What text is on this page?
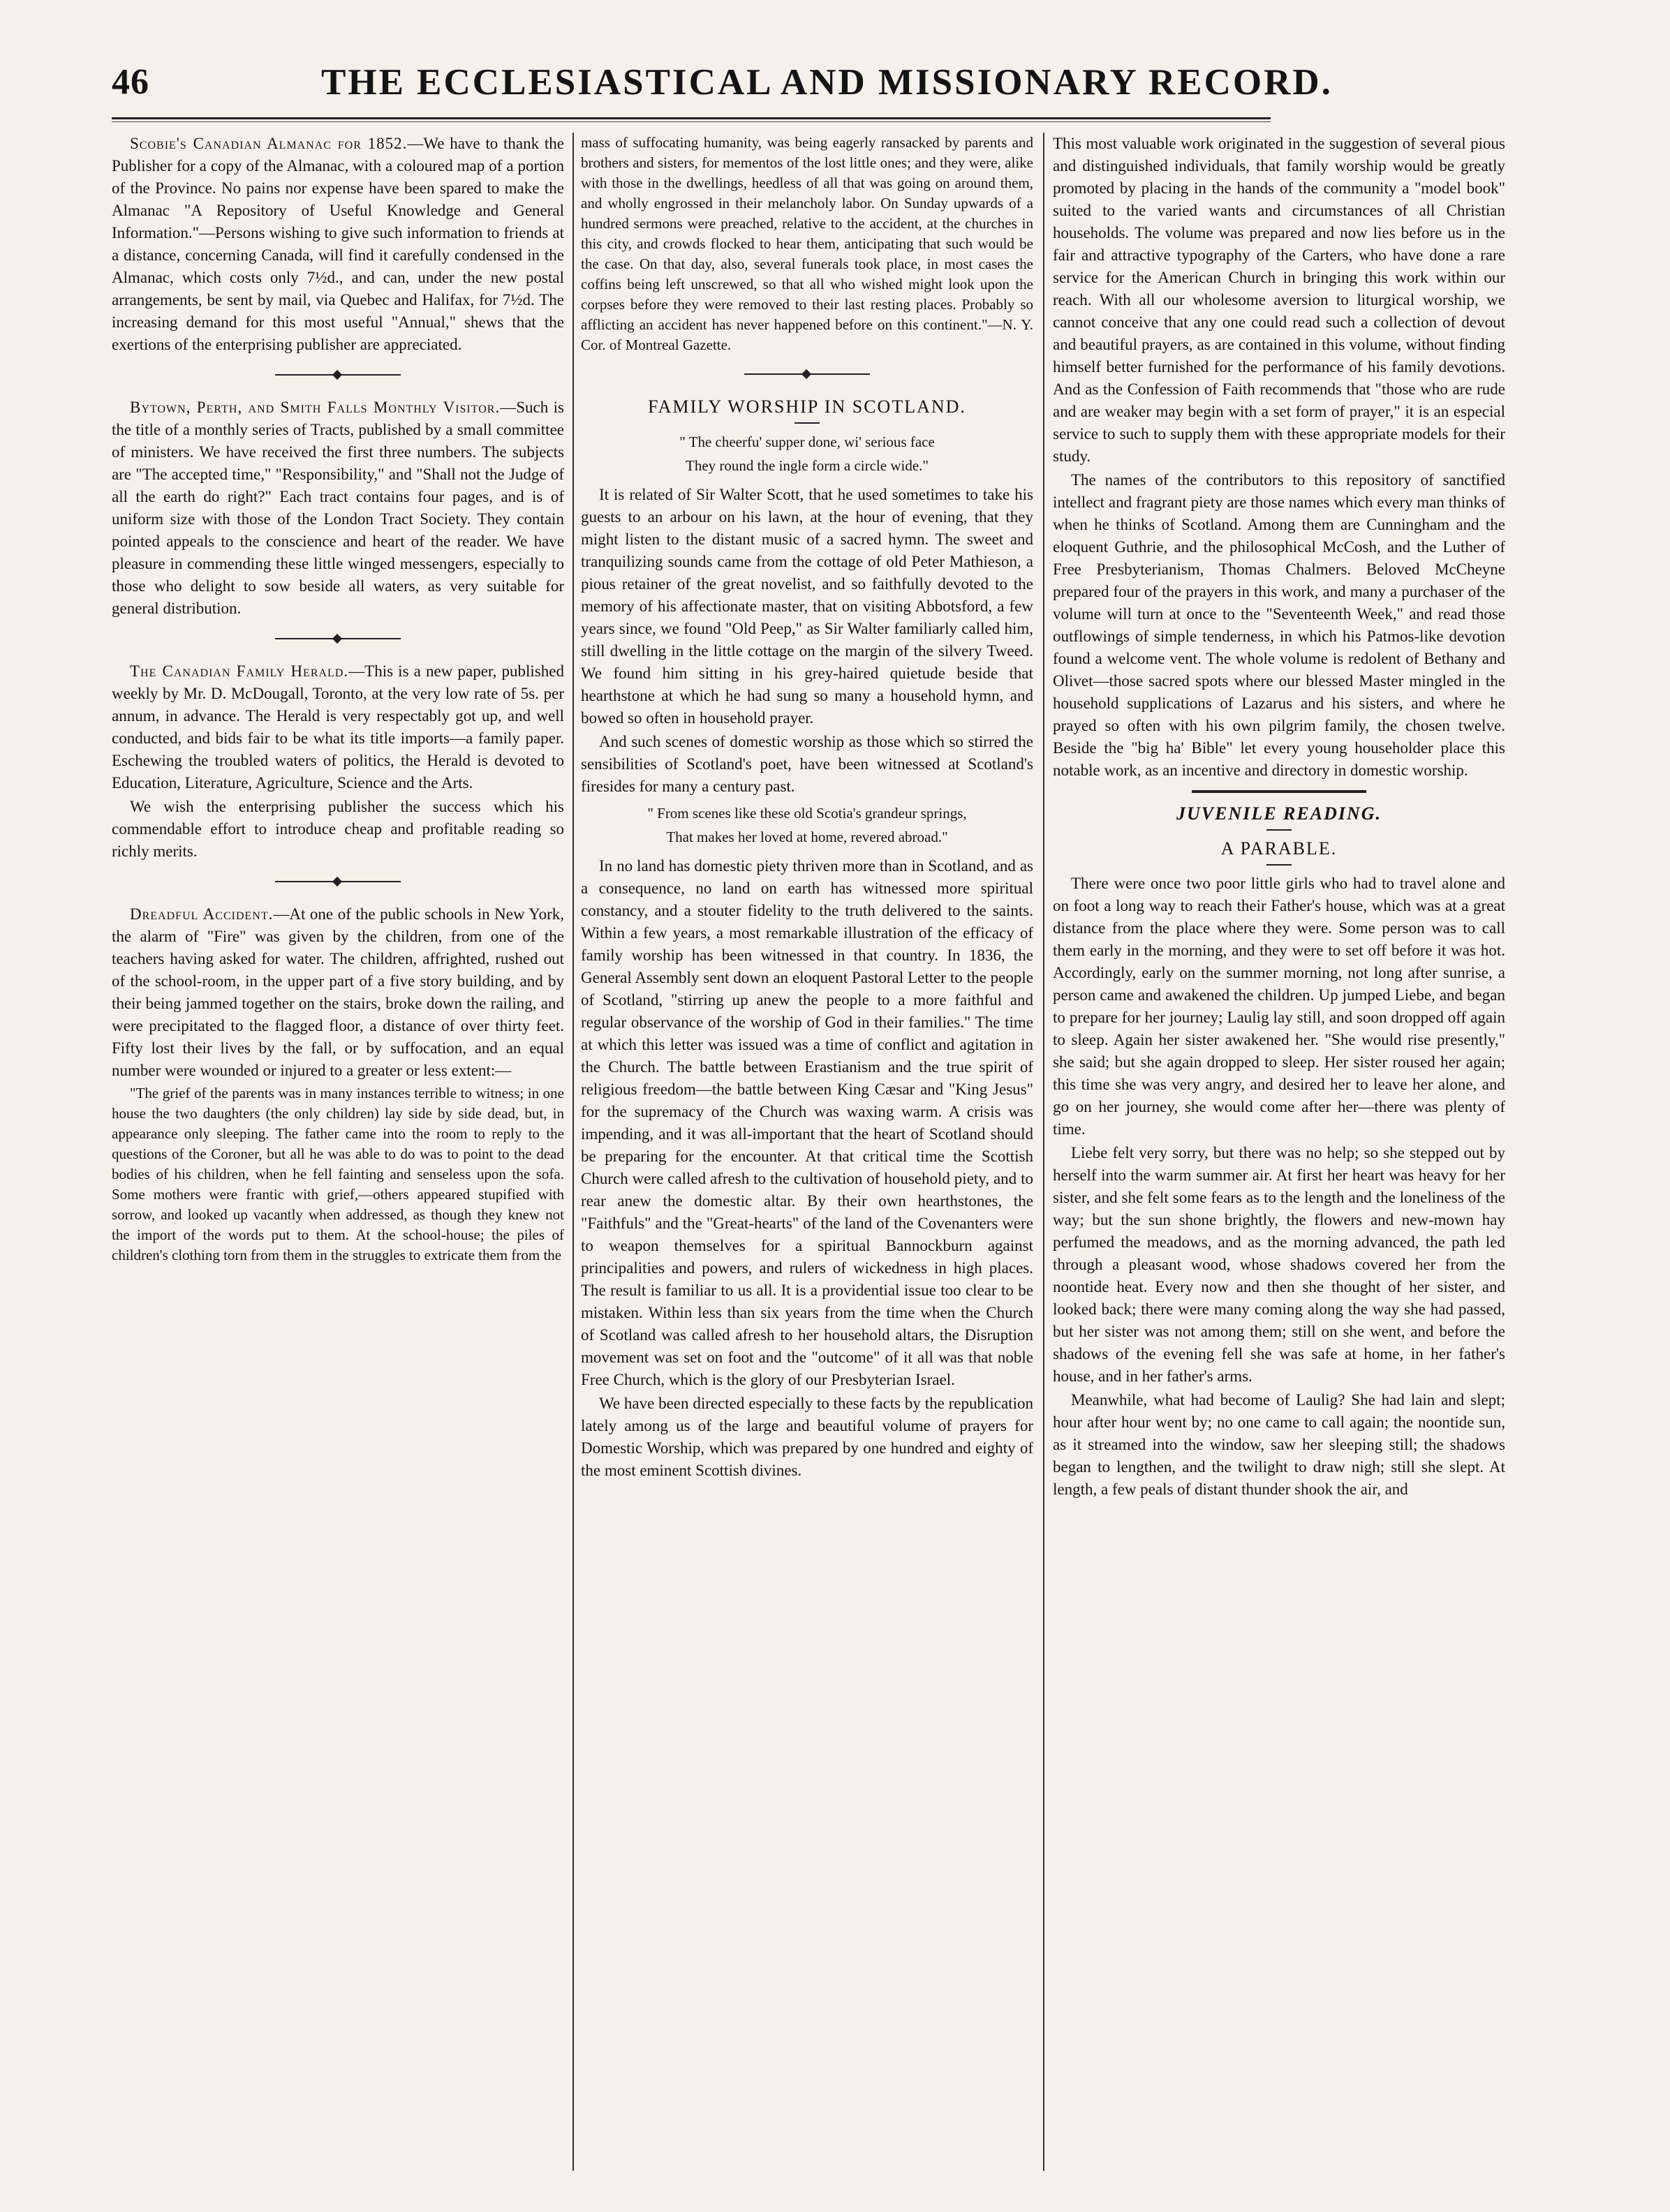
46	THE ECCLESIASTICAL AND MISSIONARY RECORD.

Scobie's Canadian Almanac for 1852.—We have to thank the Publisher for a copy of the Almanac, with a coloured map of a portion of the Province. No pains nor expense have been spared to make the Almanac "A Repository of Useful Knowledge and General Information."—Persons wishing to give such information to friends at a distance, concerning Canada, will find it carefully condensed in the Almanac, which costs only 7½d., and can, under the new postal arrangements, be sent by mail, via Quebec and Halifax, for 7½d. The increasing demand for this most useful "Annual," shews that the exertions of the enterprising publisher are appreciated.

Bytown, Perth, and Smith Falls Monthly Visitor.—Such is the title of a monthly series of Tracts, published by a small committee of ministers. We have received the first three numbers. The subjects are "The accepted time," "Responsibility," and "Shall not the Judge of all the earth do right?" Each tract contains four pages, and is of uniform size with those of the London Tract Society. They contain pointed appeals to the conscience and heart of the reader. We have pleasure in commending these little winged messengers, especially to those who delight to sow beside all waters, as very suitable for general distribution.

The Canadian Family Herald.—This is a new paper, published weekly by Mr. D. McDougall, Toronto, at the very low rate of 5s. per annum, in advance. The Herald is very respectably got up, and well conducted, and bids fair to be what its title imports—a family paper. Eschewing the troubled waters of politics, the Herald is devoted to Education, Literature, Agriculture, Science and the Arts.

We wish the enterprising publisher the success which his commendable effort to introduce cheap and profitable reading so richly merits.

Dreadful Accident.—At one of the public schools in New York, the alarm of "Fire" was given by the children, from one of the teachers having asked for water. The children, affrighted, rushed out of the school-room, in the upper part of a five story building, and by their being jammed together on the stairs, broke down the railing, and were precipitated to the flagged floor, a distance of over thirty feet. Fifty lost their lives by the fall, or by suffocation, and an equal number were wounded or injured to a greater or less extent:—

"The grief of the parents was in many instances terrible to witness; in one house the two daughters (the only children) lay side by side dead, but, in appearance only sleeping. The father came into the room to reply to the questions of the Coroner, but all he was able to do was to point to the dead bodies of his children, when he fell fainting and senseless upon the sofa. Some mothers were frantic with grief,—others appeared stupified with sorrow, and looked up vacantly when addressed, as though they knew not the import of the words put to them. At the school-house; the piles of children's clothing torn from them in the struggles to extricate them from the

mass of suffocating humanity, was being eagerly ransacked by parents and brothers and sisters, for mementos of the lost little ones; and they were, alike with those in the dwellings, heedless of all that was going on around them, and wholly engrossed in their melancholy labor. On Sunday upwards of a hundred sermons were preached, relative to the accident, at the churches in this city, and crowds flocked to hear them, anticipating that such would be the case. On that day, also, several funerals took place, in most cases the coffins being left unscrewed, so that all who wished might look upon the corpses before they were removed to their last resting places. Probably so afflicting an accident has never happened before on this continent."—N. Y. Cor. of Montreal Gazette.

FAMILY WORSHIP IN SCOTLAND.
" The cheerfu' supper done, wi' serious face
They round the ingle form a circle wide."

It is related of Sir Walter Scott, that he used sometimes to take his guests to an arbour on his lawn, at the hour of evening, that they might listen to the distant music of a sacred hymn. The sweet and tranquilizing sounds came from the cottage of old Peter Mathieson, a pious retainer of the great novelist, and so faithfully devoted to the memory of his affectionate master, that on visiting Abbotsford, a few years since, we found "Old Peep," as Sir Walter familiarly called him, still dwelling in the little cottage on the margin of the silvery Tweed. We found him sitting in his grey-haired quietude beside that hearthstone at which he had sung so many a household hymn, and bowed so often in household prayer.

And such scenes of domestic worship as those which so stirred the sensibilities of Scotland's poet, have been witnessed at Scotland's firesides for many a century past.

" From scenes like these old Scotia's grandeur springs,
That makes her loved at home, revered abroad."

In no land has domestic piety thriven more than in Scotland, and as a consequence, no land on earth has witnessed more spiritual constancy, and a stouter fidelity to the truth delivered to the saints. Within a few years, a most remarkable illustration of the efficacy of family worship has been witnessed in that country. In 1836, the General Assembly sent down an eloquent Pastoral Letter to the people of Scotland, "stirring up anew the people to a more faithful and regular observance of the worship of God in their families." The time at which this letter was issued was a time of conflict and agitation in the Church. The battle between Erastianism and the true spirit of religious freedom—the battle between King Cæsar and "King Jesus" for the supremacy of the Church was waxing warm. A crisis was impending, and it was all-important that the heart of Scotland should be preparing for the encounter. At that critical time the Scottish Church were called afresh to the cultivation of household piety, and to rear anew the domestic altar. By their own hearthstones, the "Faithfuls" and the "Great-hearts" of the land of the Covenanters were to weapon themselves for a spiritual Bannockburn against principalities and powers, and rulers of wickedness in high places. The result is familiar to us all. It is a providential issue too clear to be mistaken. Within less than six years from the time when the Church of Scotland was called afresh to her household altars, the Disruption movement was set on foot and the "outcome" of it all was that noble Free Church, which is the glory of our Presbyterian Israel.

We have been directed especially to these facts by the republication lately among us of the large and beautiful volume of prayers for Domestic Worship, which was prepared by one hundred and eighty of the most eminent Scottish divines.

This most valuable work originated in the suggestion of several pious and distinguished individuals, that family worship would be greatly promoted by placing in the hands of the community a "model book" suited to the varied wants and circumstances of all Christian households. The volume was prepared and now lies before us in the fair and attractive typography of the Carters, who have done a rare service for the American Church in bringing this work within our reach. With all our wholesome aversion to liturgical worship, we cannot conceive that any one could read such a collection of devout and beautiful prayers, as are contained in this volume, without finding himself better furnished for the performance of his family devotions. And as the Confession of Faith recommends that "those who are rude and are weaker may begin with a set form of prayer," it is an especial service to such to supply them with these appropriate models for their study.

The names of the contributors to this repository of sanctified intellect and fragrant piety are those names which every man thinks of when he thinks of Scotland. Among them are Cunningham and the eloquent Guthrie, and the philosophical McCosh, and the Luther of Free Presbyterianism, Thomas Chalmers. Beloved McCheyne prepared four of the prayers in this work, and many a purchaser of the volume will turn at once to the "Seventeenth Week," and read those outflowings of simple tenderness, in which his Patmos-like devotion found a welcome vent. The whole volume is redolent of Bethany and Olivet—those sacred spots where our blessed Master mingled in the household supplications of Lazarus and his sisters, and where he prayed so often with his own pilgrim family, the chosen twelve. Beside the "big ha' Bible" let every young householder place this notable work, as an incentive and directory in domestic worship.

JUVENILE READING.
A PARABLE.

There were once two poor little girls who had to travel alone and on foot a long way to reach their Father's house, which was at a great distance from the place where they were. Some person was to call them early in the morning, and they were to set off before it was hot. Accordingly, early on the summer morning, not long after sunrise, a person came and awakened the children. Up jumped Liebe, and began to prepare for her journey; Laulig lay still, and soon dropped off again to sleep. Again her sister awakened her. "She would rise presently," she said; but she again dropped to sleep. Her sister roused her again; this time she was very angry, and desired her to leave her alone, and go on her journey, she would come after her—there was plenty of time.

Liebe felt very sorry, but there was no help; so she stepped out by herself into the warm summer air. At first her heart was heavy for her sister, and she felt some fears as to the length and the loneliness of the way; but the sun shone brightly, the flowers and new-mown hay perfumed the meadows, and as the morning advanced, the path led through a pleasant wood, whose shadows covered her from the noontide heat. Every now and then she thought of her sister, and looked back; there were many coming along the way she had passed, but her sister was not among them; still on she went, and before the shadows of the evening fell she was safe at home, in her father's house, and in her father's arms.

Meanwhile, what had become of Laulig? She had lain and slept; hour after hour went by; no one came to call again; the noontide sun, as it streamed into the window, saw her sleeping still; the shadows began to lengthen, and the twilight to draw nigh; still she slept. At length, a few peals of distant thunder shook the air, and
